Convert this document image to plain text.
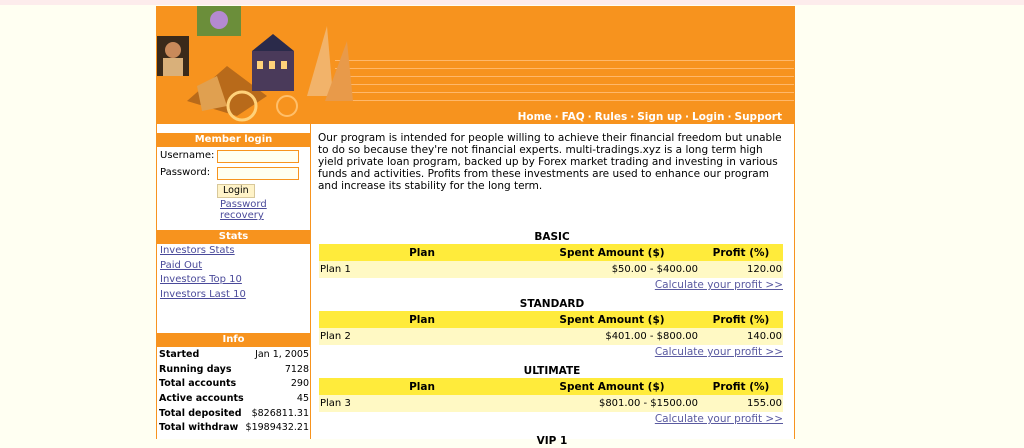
Home · FAQ · Rules · Sign up · Login · Support
Member login
Username:
Password:
Login
Password recovery
Stats
Investors Stats
Paid Out
Investors Top 10
Investors Last 10
Info
Started	Jan 1, 2005
Running days	7128
Total accounts	290
Active accounts	45
Total deposited	$826811.31
Total withdraw	$1989432.21
Our program is intended for people willing to achieve their financial freedom but unable to do so because they're not financial experts. multi-tradings.xyz is a long term high yield private loan program, backed up by Forex market trading and investing in various funds and activities. Profits from these investments are used to enhance our program and increase its stability for the long term.
BASIC
Plan	Spent Amount ($)	Profit (%)
Plan 1	$50.00 - $400.00	120.00
Calculate your profit >>
STANDARD
Plan	Spent Amount ($)	Profit (%)
Plan 2	$401.00 - $800.00	140.00
Calculate your profit >>
ULTIMATE
Plan	Spent Amount ($)	Profit (%)
Plan 3	$801.00 - $1500.00	155.00
Calculate your profit >>
VIP 1
